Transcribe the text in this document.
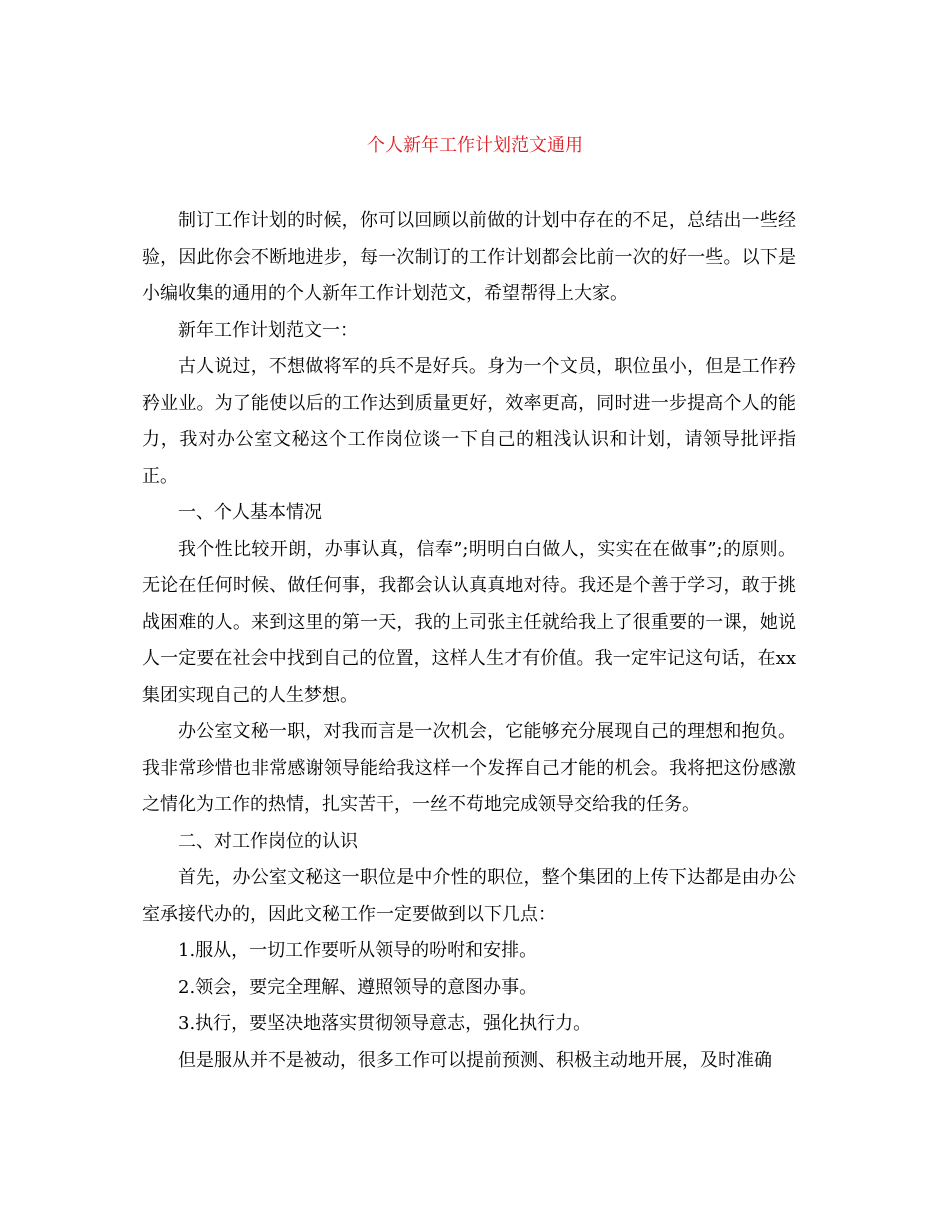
个人新年工作计划范文通用

制订工作计划的时候，你可以回顾以前做的计划中存在的不足，总结出一些经验，因此你会不断地进步，每一次制订的工作计划都会比前一次的好一些。以下是小编收集的通用的个人新年工作计划范文，希望帮得上大家。

新年工作计划范文一：

古人说过，不想做将军的兵不是好兵。身为一个文员，职位虽小，但是工作矜矜业业。为了能使以后的工作达到质量更好，效率更高，同时进一步提高个人的能力，我对办公室文秘这个工作岗位谈一下自己的粗浅认识和计划，请领导批评指正。

一、个人基本情况

我个性比较开朗，办事认真，信奉”;明明白白做人，实实在在做事”;的原则。无论在任何时候、做任何事，我都会认认真真地对待。我还是个善于学习，敢于挑战困难的人。来到这里的第一天，我的上司张主任就给我上了很重要的一课，她说人一定要在社会中找到自己的位置，这样人生才有价值。我一定牢记这句话，在xx集团实现自己的人生梦想。

办公室文秘一职，对我而言是一次机会，它能够充分展现自己的理想和抱负。我非常珍惜也非常感谢领导能给我这样一个发挥自己才能的机会。我将把这份感激之情化为工作的热情，扎实苦干，一丝不苟地完成领导交给我的任务。

二、对工作岗位的认识

首先，办公室文秘这一职位是中介性的职位，整个集团的上传下达都是由办公室承接代办的，因此文秘工作一定要做到以下几点：

1.服从，一切工作要听从领导的吩咐和安排。

2.领会，要完全理解、遵照领导的意图办事。

3.执行，要坚决地落实贯彻领导意志，强化执行力。

但是服从并不是被动，很多工作可以提前预测、积极主动地开展，及时准确
